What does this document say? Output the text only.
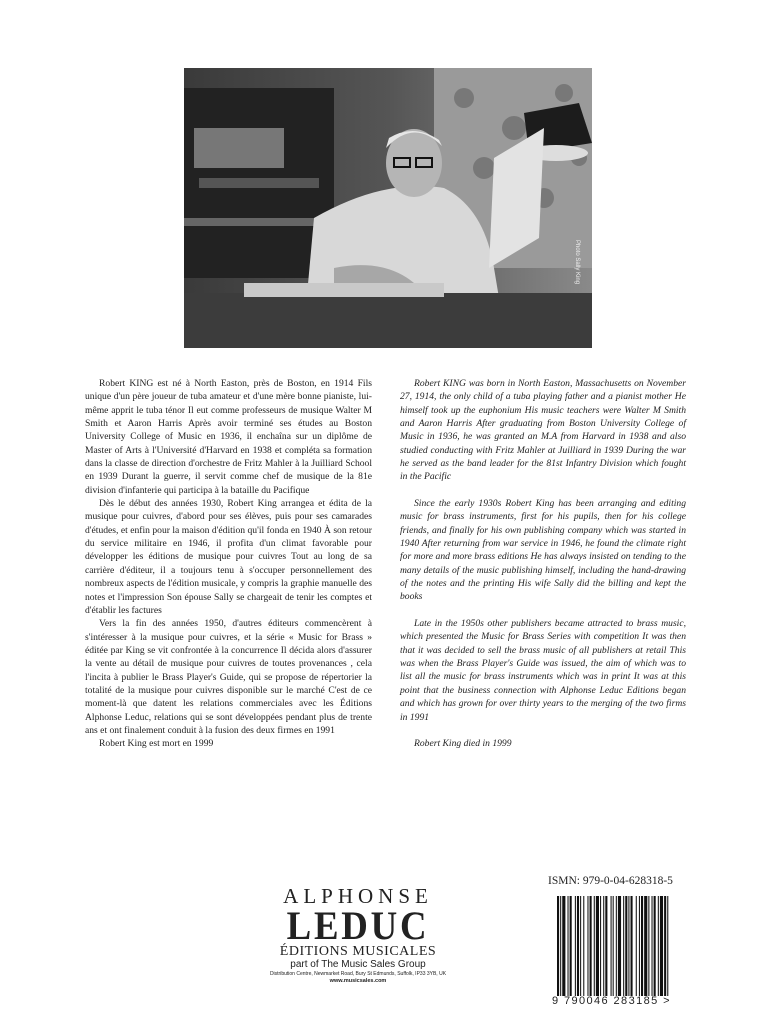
Photo Sally King

Robert KING est né à North Easton, près de Boston, en 1914 Fils unique d'un père joueur de tuba amateur et d'une mère bonne pianiste, lui-même apprit le tuba ténor Il eut comme professeurs de musique Walter M Smith et Aaron Harris Après avoir terminé ses études au Boston University College of Music en 1936, il enchaîna sur un diplôme de Master of Arts à l'Université d'Harvard en 1938 et compléta sa formation dans la classe de direction d'orchestre de Fritz Mahler à la Juilliard School en 1939 Durant la guerre, il servit comme chef de musique de la 81e division d'infanterie qui participa à la bataille du Pacifique

Dès le début des années 1930, Robert King arrangea et édita de la musique pour cuivres, d'abord pour ses élèves, puis pour ses camarades d'études, et enfin pour la maison d'édition qu'il fonda en 1940 À son retour du service militaire en 1946, il profita d'un climat favorable pour développer les éditions de musique pour cuivres Tout au long de sa carrière d'éditeur, il a toujours tenu à s'occuper personnellement des nombreux aspects de l'édition musicale, y compris la graphie manuelle des notes et l'impression Son épouse Sally se chargeait de tenir les comptes et d'établir les factures

Vers la fin des années 1950, d'autres éditeurs commencèrent à s'intéresser à la musique pour cuivres, et la série « Music for Brass » éditée par King se vit confrontée à la concurrence Il décida alors d'assurer la vente au détail de musique pour cuivres de toutes provenances , cela l'incita à publier le Brass Player's Guide, qui se propose de répertorier la totalité de la musique pour cuivres disponible sur le marché C'est de ce moment-là que datent les relations commerciales avec les Éditions Alphonse Leduc, relations qui se sont développées pendant plus de trente ans et ont finalement conduit à la fusion des deux firmes en 1991

Robert King est mort en 1999

Robert KING was born in North Easton, Massachusetts on November 27, 1914, the only child of a tuba playing father and a pianist mother He himself took up the euphonium His music teachers were Walter M Smith and Aaron Harris After graduating from Boston University College of Music in 1936, he was granted an M.A from Harvard in 1938 and also studied conducting with Fritz Mahler at Juilliard in 1939 During the war he served as the band leader for the 81st Infantry Division which fought in the Pacific

Since the early 1930s Robert King has been arranging and editing music for brass instruments, first for his pupils, then for his college friends, and finally for his own publishing company which was started in 1940 After returning from war service in 1946, he found the climate right for more and more brass editions He has always insisted on tending to the many details of the music publishing himself, including the hand-drawing of the notes and the printing His wife Sally did the billing and kept the books

Late in the 1950s other publishers became attracted to brass music, which presented the Music for Brass Series with competition It was then that it was decided to sell the brass music of all publishers at retail This was when the Brass Player's Guide was issued, the aim of which was to list all the music for brass instruments which was in print It was at this point that the business connection with Alphonse Leduc Editions began and which has grown for over thirty years to the merging of the two firms in 1991

Robert King died in 1999

ALPHONSE
LEDUC
ÉDITIONS MUSICALES
part of The Music Sales Group
Distribution Centre, Newmarket Road, Bury St Edmunds, Suffolk, IP33 3YB, UK
www.musicsales.com
ISMN: 979-0-04-628318-5
9 790046 283185 >
